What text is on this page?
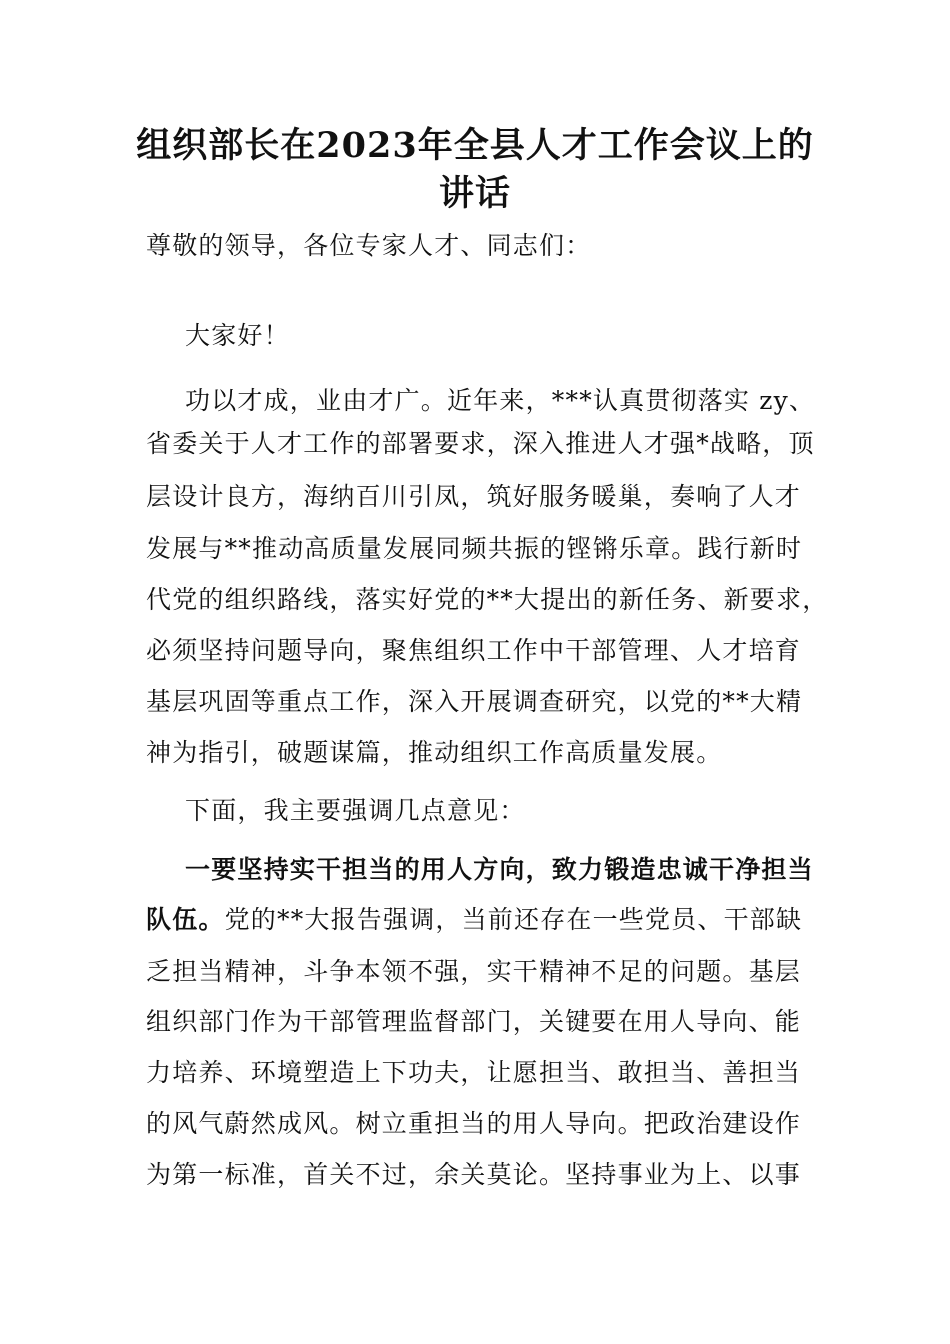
组织部长在2023年全县人才工作会议上的
讲话
尊敬的领导，各位专家人才、同志们：
大家好！
功以才成，业由才广。近年来，***认真贯彻落实 zy、
省委关于人才工作的部署要求，深入推进人才强*战略，顶
层设计良方，海纳百川引凤，筑好服务暖巢，奏响了人才
发展与**推动高质量发展同频共振的铿锵乐章。践行新时
代党的组织路线，落实好党的**大提出的新任务、新要求，
必须坚持问题导向，聚焦组织工作中干部管理、人才培育
基层巩固等重点工作，深入开展调查研究，以党的**大精
神为指引，破题谋篇，推动组织工作高质量发展。
下面，我主要强调几点意见：
一要坚持实干担当的用人方向，致力锻造忠诚干净担当
队伍。党的**大报告强调，当前还存在一些党员、干部缺
乏担当精神，斗争本领不强，实干精神不足的问题。基层
组织部门作为干部管理监督部门，关键要在用人导向、能
力培养、环境塑造上下功夫，让愿担当、敢担当、善担当
的风气蔚然成风。树立重担当的用人导向。把政治建设作
为第一标准，首关不过，余关莫论。坚持事业为上、以事
